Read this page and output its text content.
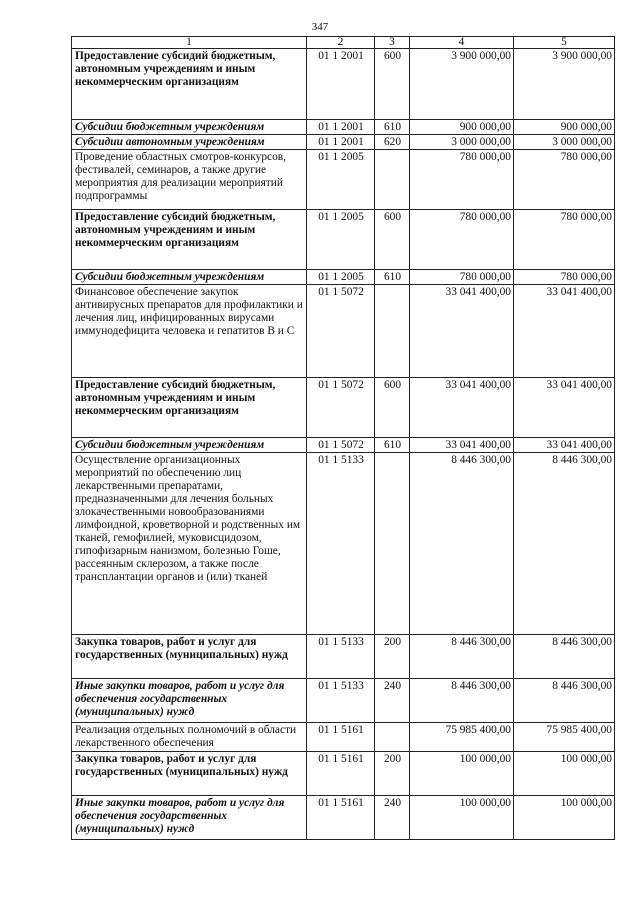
347
1	2	3	4	5
Предоставление субсидий бюджетным, автономным учреждениям и иным некоммерческим организациям	01 1 2001	600	3 900 000,00	3 900 000,00
Субсидии бюджетным учреждениям	01 1 2001	610	900 000,00	900 000,00
Субсидии автономным учреждениям	01 1 2001	620	3 000 000,00	3 000 000,00
Проведение областных смотров-конкурсов, фестивалей, семинаров, а также другие мероприятия для реализации мероприятий подпрограммы	01 1 2005		780 000,00	780 000,00
Предоставление субсидий бюджетным, автономным учреждениям и иным некоммерческим организациям	01 1 2005	600	780 000,00	780 000,00
Субсидии бюджетным учреждениям	01 1 2005	610	780 000,00	780 000,00
Финансовое обеспечение закупок антивирусных препаратов для профилактики и лечения лиц, инфицированных вирусами иммунодефицита человека и гепатитов В и С	01 1 5072		33 041 400,00	33 041 400,00
Предоставление субсидий бюджетным, автономным учреждениям и иным некоммерческим организациям	01 1 5072	600	33 041 400,00	33 041 400,00
Субсидии бюджетным учреждениям	01 1 5072	610	33 041 400,00	33 041 400,00
Осуществление организационных мероприятий по обеспечению лиц лекарственными препаратами, предназначенными для лечения больных злокачественными новообразованиями лимфоидной, кроветворной и родственных им тканей, гемофилией, муковисцидозом, гипофизарным нанизмом, болезнью Гоше, рассеянным склерозом, а также после трансплантации органов и (или) тканей	01 1 5133		8 446 300,00	8 446 300,00
Закупка товаров, работ и услуг для государственных (муниципальных) нужд	01 1 5133	200	8 446 300,00	8 446 300,00
Иные закупки товаров, работ и услуг для обеспечения государственных (муниципальных) нужд	01 1 5133	240	8 446 300,00	8 446 300,00
Реализация отдельных полномочий в области лекарственного обеспечения	01 1 5161		75 985 400,00	75 985 400,00
Закупка товаров, работ и услуг для государственных (муниципальных) нужд	01 1 5161	200	100 000,00	100 000,00
Иные закупки товаров, работ и услуг для обеспечения государственных (муниципальных) нужд	01 1 5161	240	100 000,00	100 000,00
